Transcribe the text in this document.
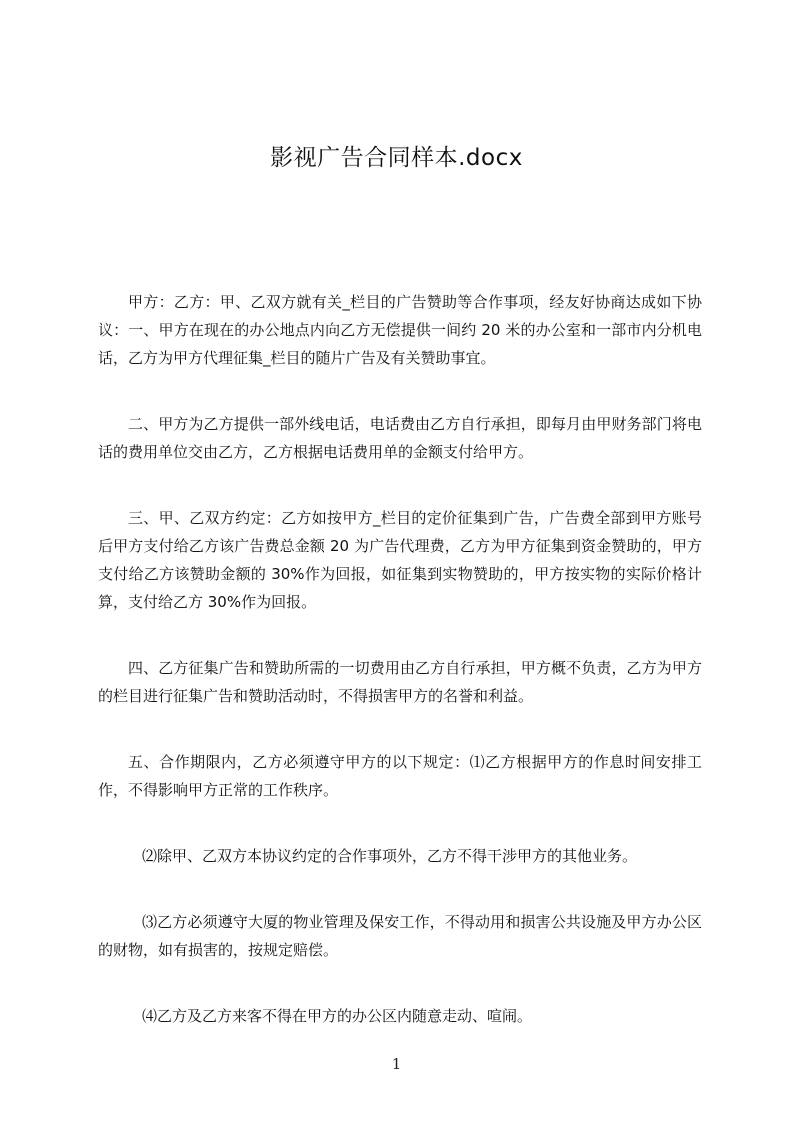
影视广告合同样本.docx

甲方：乙方：甲、乙双方就有关_栏目的广告赞助等合作事项，经友好协商达成如下协议：一、甲方在现在的办公地点内向乙方无偿提供一间约 20 米的办公室和一部市内分机电话，乙方为甲方代理征集_栏目的随片广告及有关赞助事宜。

二、甲方为乙方提供一部外线电话，电话费由乙方自行承担，即每月由甲财务部门将电话的费用单位交由乙方，乙方根据电话费用单的金额支付给甲方。

三、甲、乙双方约定：乙方如按甲方_栏目的定价征集到广告，广告费全部到甲方账号后甲方支付给乙方该广告费总金额 20 为广告代理费，乙方为甲方征集到资金赞助的，甲方支付给乙方该赞助金额的 30%作为回报，如征集到实物赞助的，甲方按实物的实际价格计算，支付给乙方 30%作为回报。

四、乙方征集广告和赞助所需的一切费用由乙方自行承担，甲方概不负责，乙方为甲方的栏目进行征集广告和赞助活动时，不得损害甲方的名誉和利益。

五、合作期限内，乙方必须遵守甲方的以下规定：⑴乙方根据甲方的作息时间安排工作，不得影响甲方正常的工作秩序。

⑵除甲、乙双方本协议约定的合作事项外，乙方不得干涉甲方的其他业务。

⑶乙方必须遵守大厦的物业管理及保安工作，不得动用和损害公共设施及甲方办公区的财物，如有损害的，按规定赔偿。

⑷乙方及乙方来客不得在甲方的办公区内随意走动、喧闹。

1
